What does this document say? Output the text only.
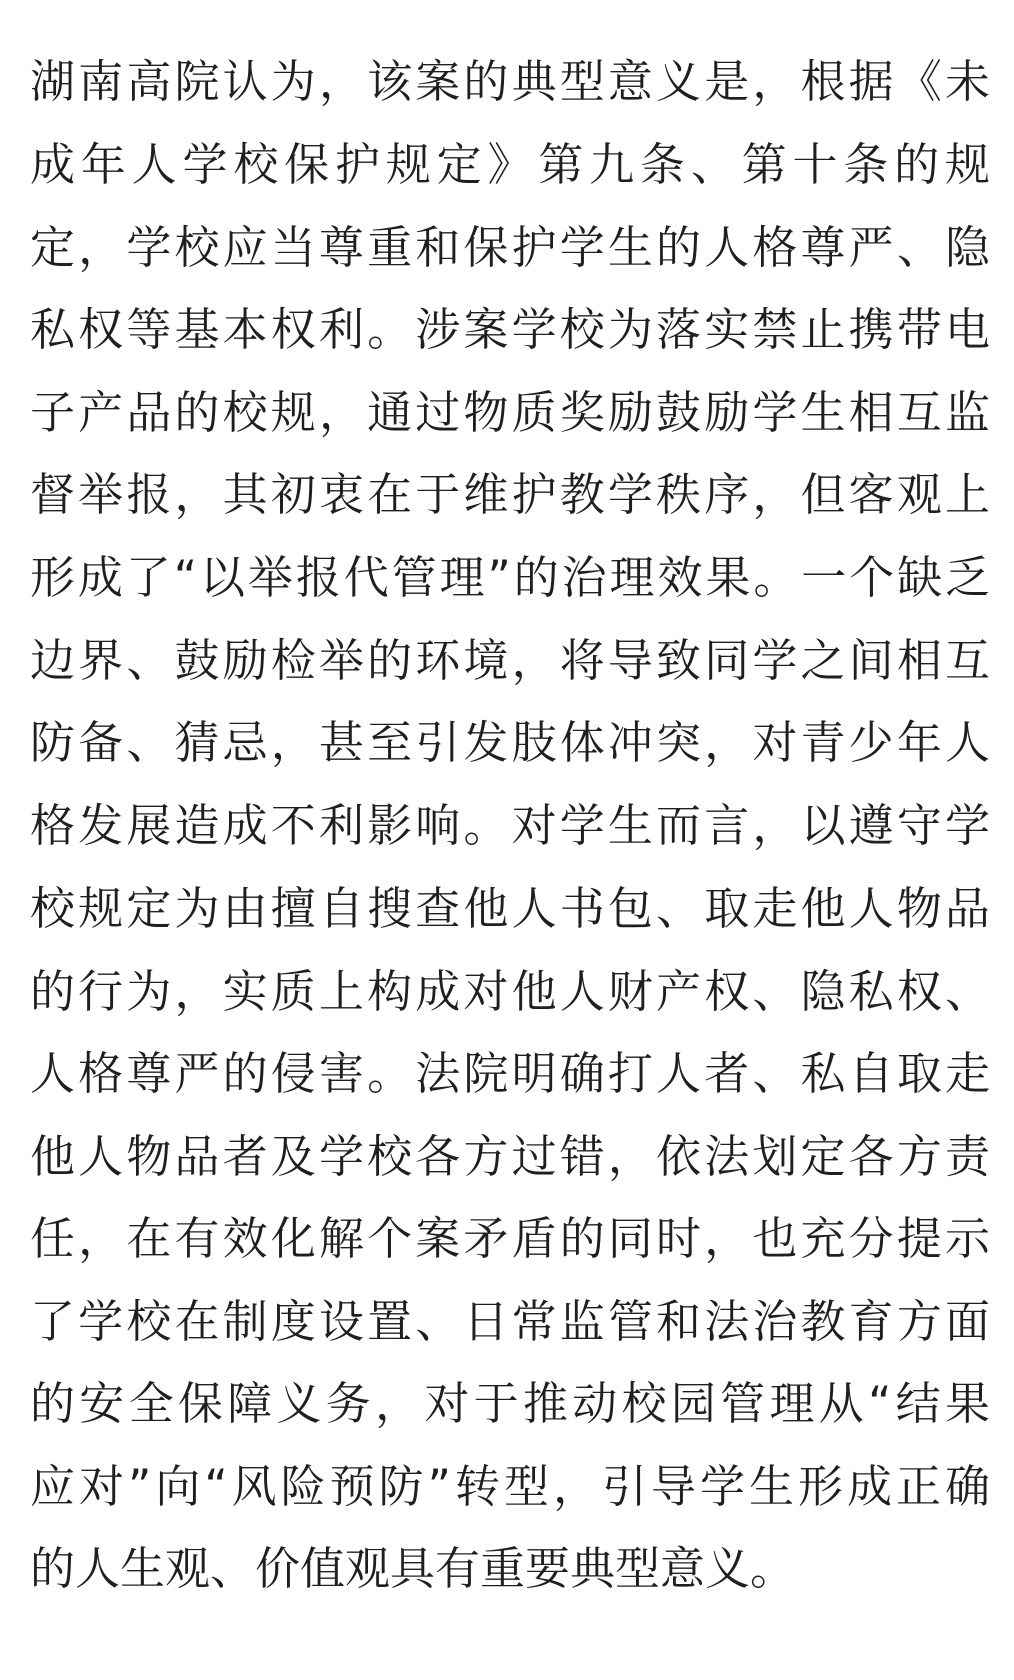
湖南高院认为，该案的典型意义是，根据《未

成年人学校保护规定》第九条、第十条的规

定，学校应当尊重和保护学生的人格尊严、隐

私权等基本权利。涉案学校为落实禁止携带电

子产品的校规，通过物质奖励鼓励学生相互监

督举报，其初衷在于维护教学秩序，但客观上

形成了“以举报代管理”的治理效果。一个缺乏

边界、鼓励检举的环境，将导致同学之间相互

防备、猜忌，甚至引发肢体冲突，对青少年人

格发展造成不利影响。对学生而言，以遵守学

校规定为由擅自搜查他人书包、取走他人物品

的行为，实质上构成对他人财产权、隐私权、

人格尊严的侵害。法院明确打人者、私自取走

他人物品者及学校各方过错，依法划定各方责

任，在有效化解个案矛盾的同时，也充分提示

了学校在制度设置、日常监管和法治教育方面

的安全保障义务，对于推动校园管理从“结果

应对”向“风险预防”转型，引导学生形成正确

的人生观、价值观具有重要典型意义。
